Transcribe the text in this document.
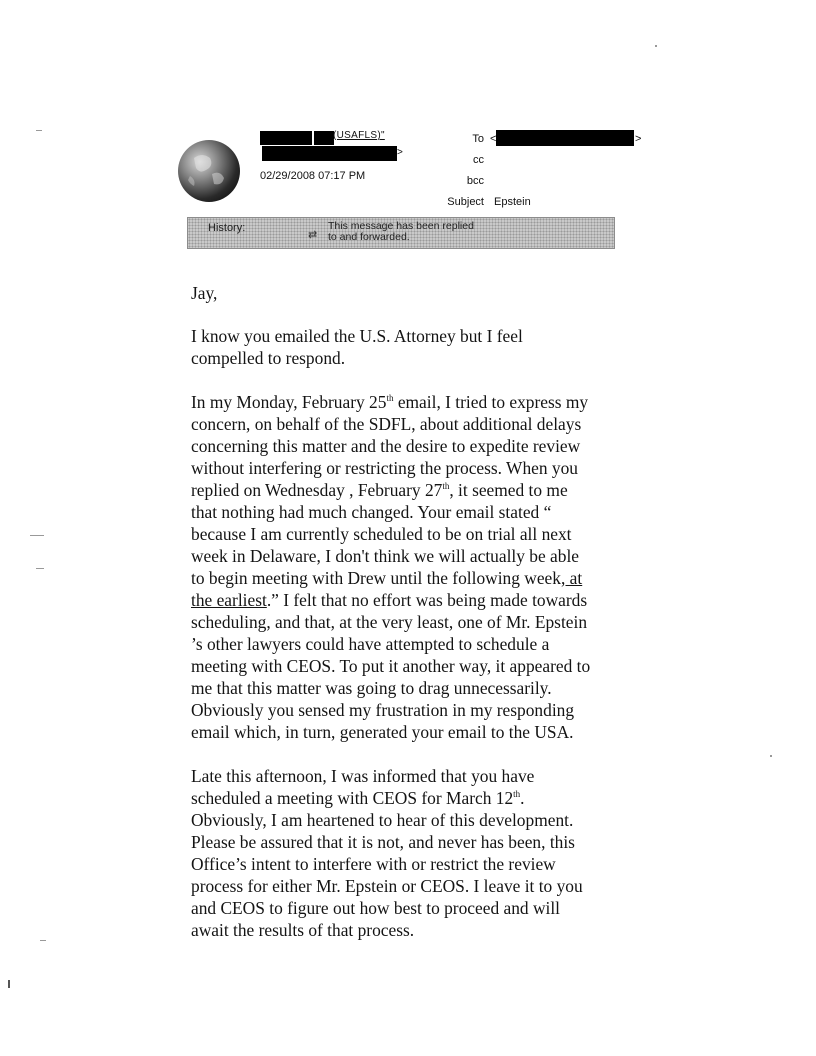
(USAFLS)"
>
02/29/2008 07:17 PM
To <	>
cc
bcc
Subject Epstein
History:
⇄
This message has been replied
to and forwarded.

Jay,

I know you emailed the U.S. Attorney but I feel
compelled to respond.

In my Monday, February 25th email, I tried to express my
concern, on behalf of the SDFL, about additional delays
concerning this matter and the desire to expedite review
without interfering or restricting the process. When you
replied on Wednesday , February 27th, it seemed to me
that nothing had much changed. Your email stated “
because I am currently scheduled to be on trial all next
week in Delaware, I don't think we will actually be able
to begin meeting with Drew until the following week, at
the earliest.” I felt that no effort was being made towards
scheduling, and that, at the very least, one of Mr. Epstein
’s other lawyers could have attempted to schedule a
meeting with CEOS. To put it another way, it appeared to
me that this matter was going to drag unnecessarily.
Obviously you sensed my frustration in my responding
email which, in turn, generated your email to the USA.

Late this afternoon, I was informed that you have
scheduled a meeting with CEOS for March 12th.
Obviously, I am heartened to hear of this development.
Please be assured that it is not, and never has been, this
Office’s intent to interfere with or restrict the review
process for either Mr. Epstein or CEOS. I leave it to you
and CEOS to figure out how best to proceed and will
await the results of that process.
